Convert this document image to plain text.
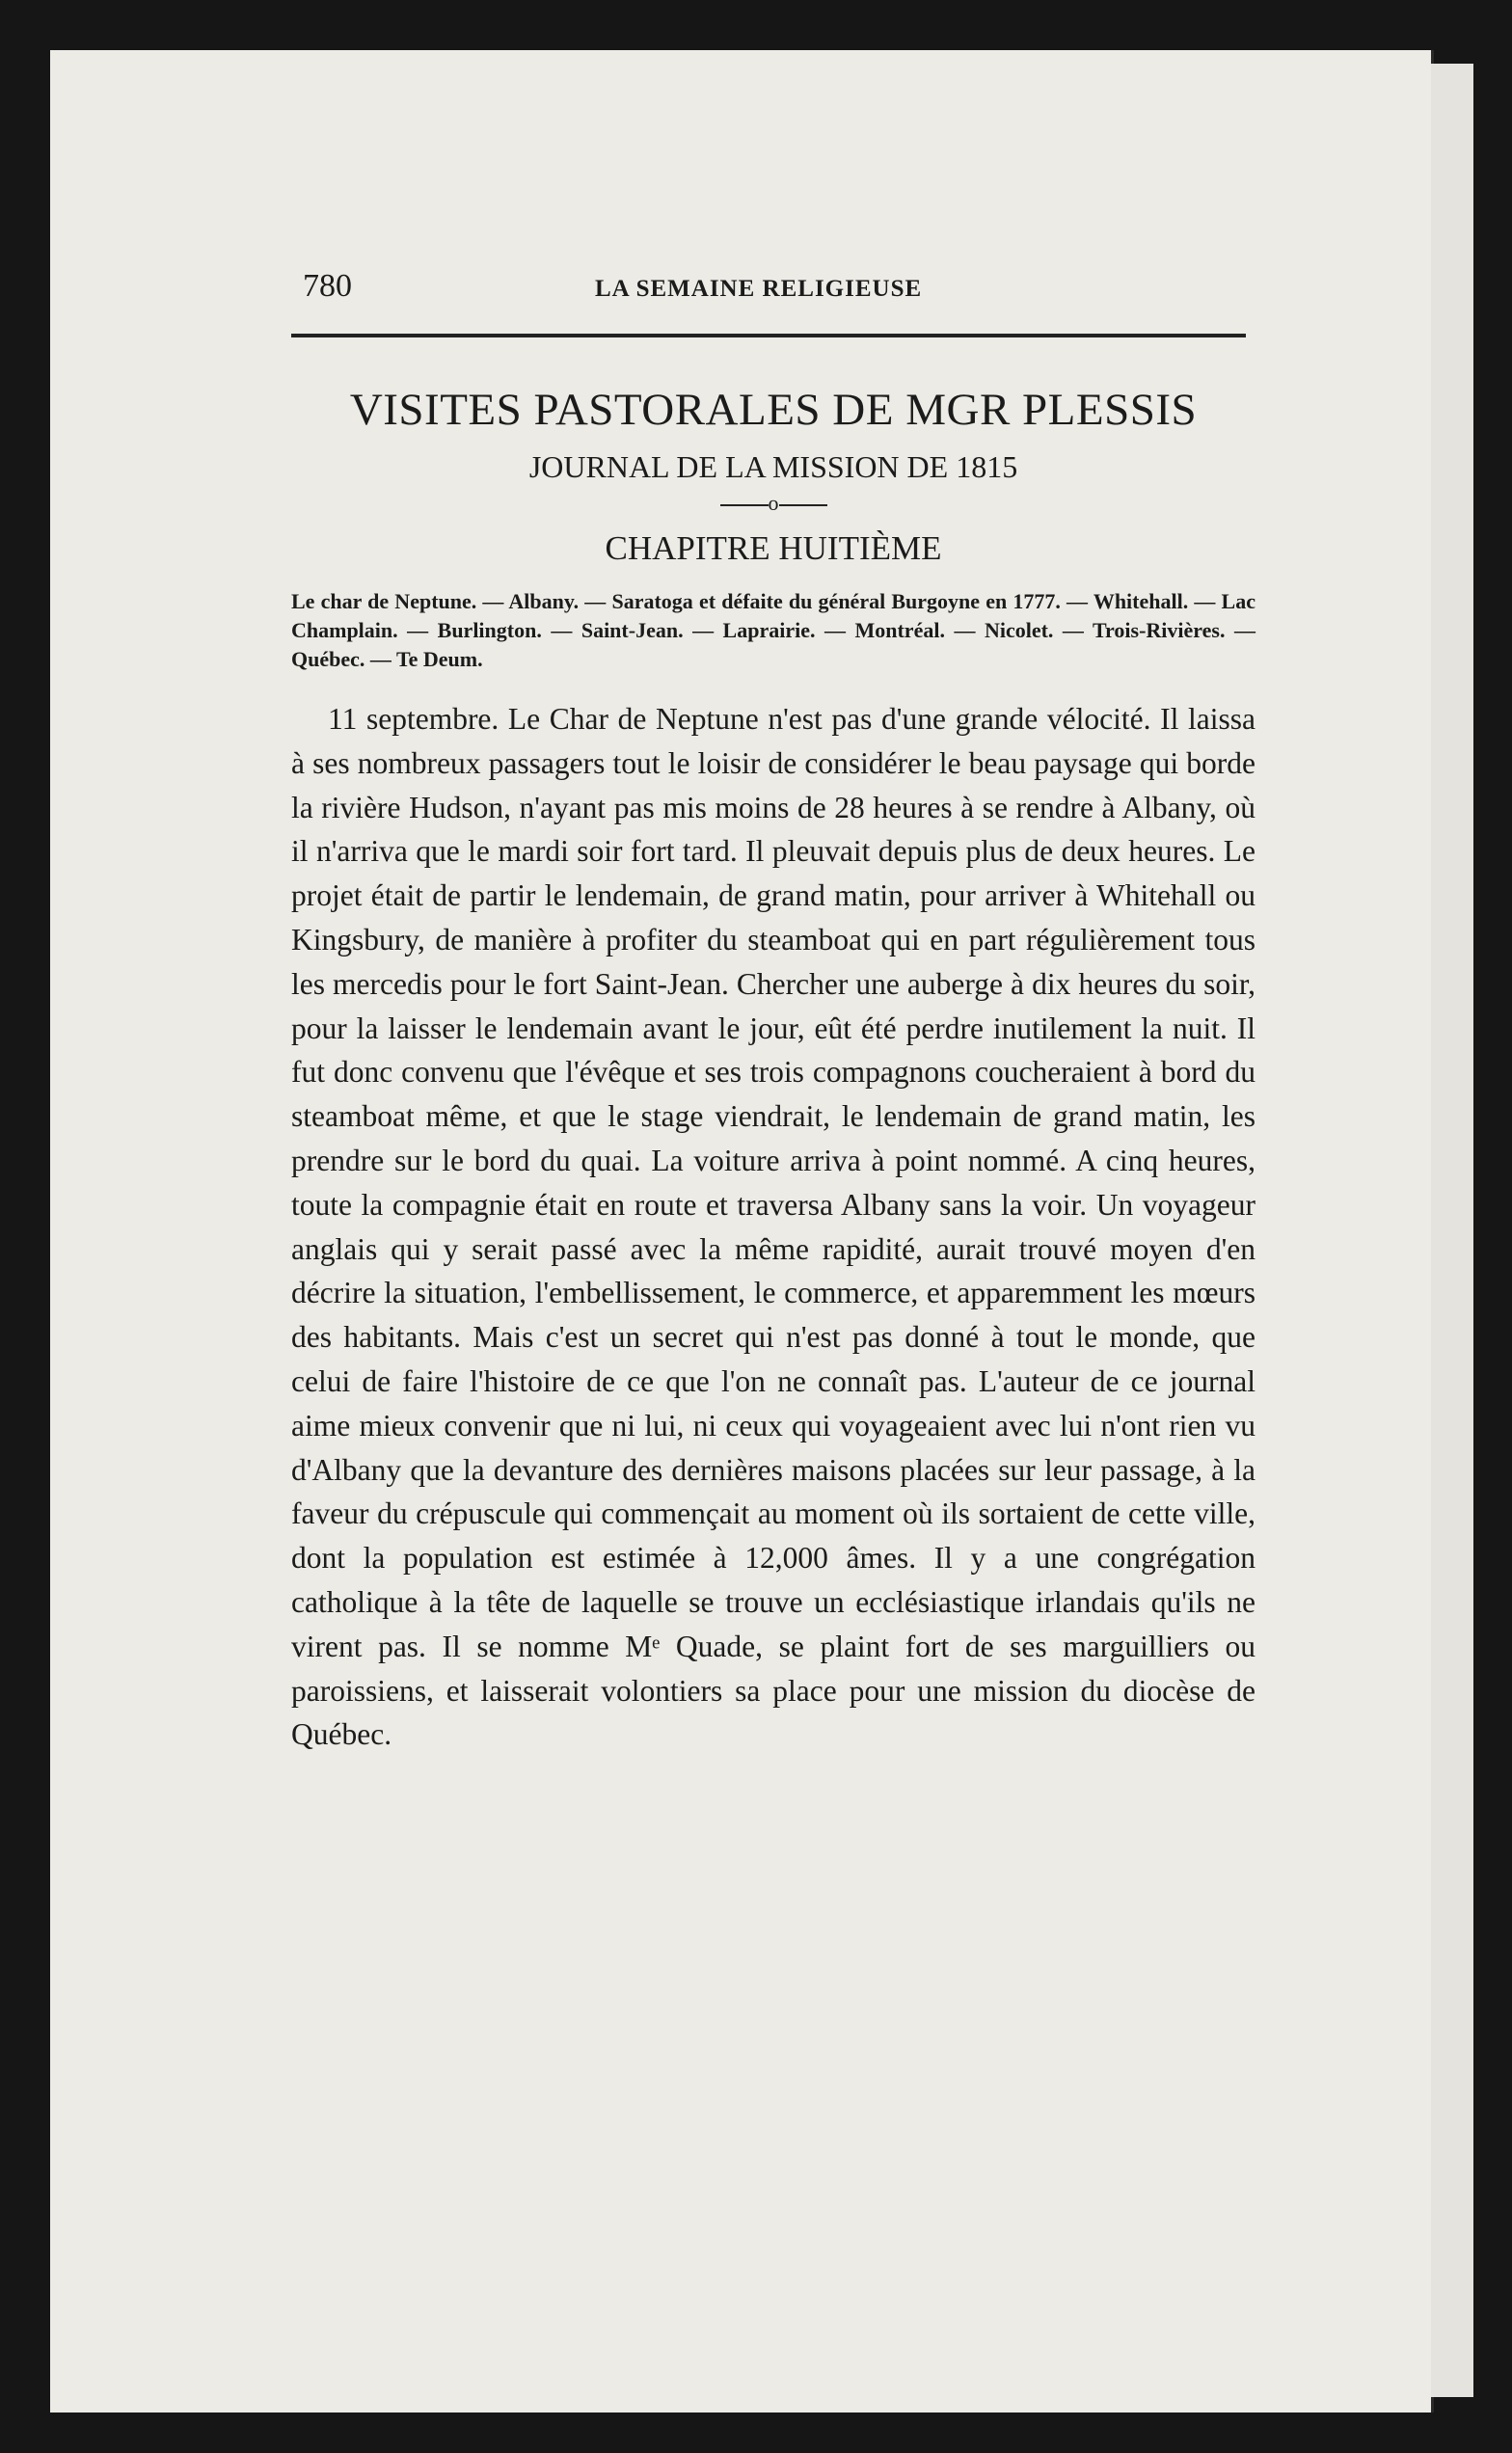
780	LA SEMAINE RELIGIEUSE
VISITES PASTORALES DE MGR PLESSIS
JOURNAL DE LA MISSION DE 1815
o
CHAPITRE HUITIÈME
Le char de Neptune. — Albany. — Saratoga et défaite du général Burgoyne en 1777. — Whitehall. — Lac Champlain. — Burlington. — Saint-Jean. — Laprairie. — Montréal. — Nicolet. — Trois-Rivières. — Québec. — Te Deum.

11 septembre. Le Char de Neptune n'est pas d'une grande vélocité. Il laissa à ses nombreux passagers tout le loisir de considérer le beau paysage qui borde la rivière Hudson, n'ayant pas mis moins de 28 heures à se rendre à Albany, où il n'arriva que le mardi soir fort tard. Il pleuvait depuis plus de deux heures. Le projet était de partir le lendemain, de grand matin, pour arriver à Whitehall ou Kingsbury, de manière à profiter du steamboat qui en part régulièrement tous les mercedis pour le fort Saint-Jean. Chercher une auberge à dix heures du soir, pour la laisser le lendemain avant le jour, eût été perdre inutilement la nuit. Il fut donc convenu que l'évêque et ses trois compagnons coucheraient à bord du steamboat même, et que le stage viendrait, le lendemain de grand matin, les prendre sur le bord du quai. La voiture arriva à point nommé. A cinq heures, toute la compagnie était en route et traversa Albany sans la voir. Un voyageur anglais qui y serait passé avec la même rapidité, aurait trouvé moyen d'en décrire la situation, l'embellissement, le commerce, et apparemment les mœurs des habitants. Mais c'est un secret qui n'est pas donné à tout le monde, que celui de faire l'histoire de ce que l'on ne connaît pas. L'auteur de ce journal aime mieux convenir que ni lui, ni ceux qui voyageaient avec lui n'ont rien vu d'Albany que la devanture des dernières maisons placées sur leur passage, à la faveur du crépuscule qui commençait au moment où ils sortaient de cette ville, dont la population est estimée à 12,000 âmes. Il y a une congrégation catholique à la tête de laquelle se trouve un ecclésiastique irlandais qu'ils ne virent pas. Il se nomme Mᵉ Quade, se plaint fort de ses marguilliers ou paroissiens, et laisserait volontiers sa place pour une mission du diocèse de Québec.
